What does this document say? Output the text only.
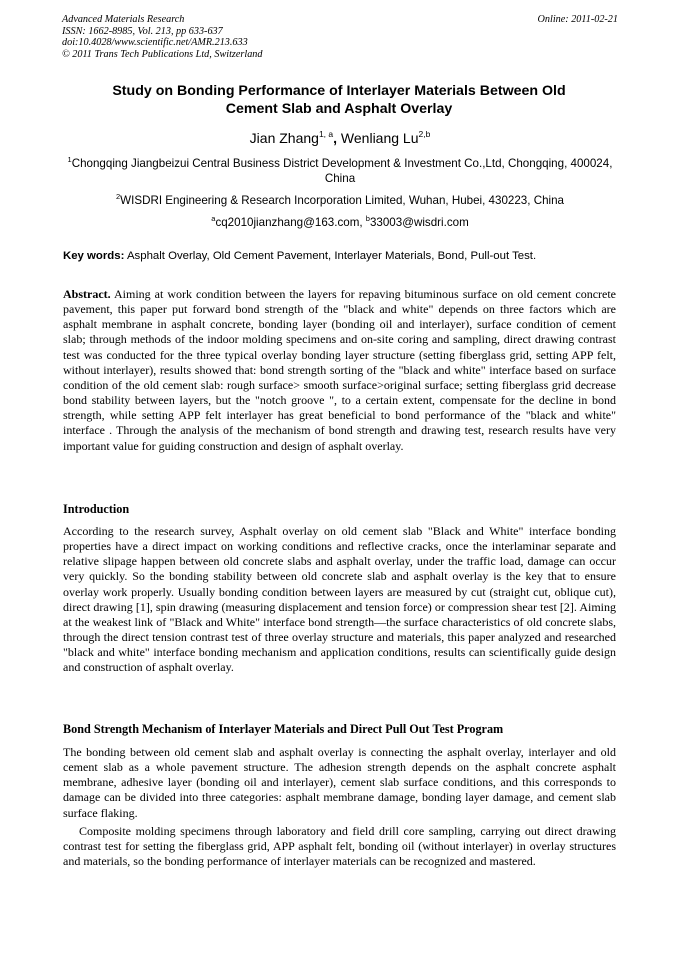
Advanced Materials Research
ISSN: 1662-8985, Vol. 213, pp 633-637
doi:10.4028/www.scientific.net/AMR.213.633
© 2011 Trans Tech Publications Ltd, Switzerland
Online: 2011-02-21
Study on Bonding Performance of Interlayer Materials Between Old
Cement Slab and Asphalt Overlay
Jian Zhang$^{1, a}$, Wenliang Lu$^{2,b}$
$^1$Chongqing Jiangbeizui Central Business District Development & Investment Co.,Ltd, Chongqing, 400024, China
$^2$WISDRI Engineering & Research Incorporation Limited, Wuhan, Hubei, 430223, China
$^a$cq2010jianzhang@163.com, $^b$33003@wisdri.com
Key words: Asphalt Overlay, Old Cement Pavement, Interlayer Materials, Bond, Pull-out Test.
Abstract. Aiming at work condition between the layers for repaving bituminous surface on old cement concrete pavement, this paper put forward bond strength of the "black and white" depends on three factors which are asphalt membrane in asphalt concrete, bonding layer (bonding oil and interlayer), surface condition of cement slab; through methods of the indoor molding specimens and on-site coring and sampling, direct drawing contrast test was conducted for the three typical overlay bonding layer structure (setting fiberglass grid, setting APP felt, without interlayer), results showed that: bond strength sorting of the "black and white" interface based on surface condition of the old cement slab: rough surface> smooth surface>original surface; setting fiberglass grid decrease bond stability between layers, but the "notch groove ", to a certain extent, compensate for the decline in bond strength, while setting APP felt interlayer has great beneficial to bond performance of the "black and white" interface . Through the analysis of the mechanism of bond strength and drawing test, research results have very important value for guiding construction and design of asphalt overlay.
Introduction
According to the research survey, Asphalt overlay on old cement slab "Black and White" interface bonding properties have a direct impact on working conditions and reflective cracks, once the interlaminar separate and relative slipage happen between old concrete slabs and asphalt overlay, under the traffic load, damage can occur very quickly. So the bonding stability between old concrete slab and asphalt overlay is the key that to ensure overlay work properly. Usually bonding condition between layers are measured by cut (straight cut, oblique cut), direct drawing [1], spin drawing (measuring displacement and tension force) or compression shear test [2]. Aiming at the weakest link of "Black and White" interface bond strength—the surface characteristics of old concrete slabs, through the direct tension contrast test of three overlay structure and materials, this paper analyzed and researched "black and white" interface bonding mechanism and application conditions, results can scientifically guide design and construction of asphalt overlay.
Bond Strength Mechanism of Interlayer Materials and Direct Pull Out Test Program
The bonding between old cement slab and asphalt overlay is connecting the asphalt overlay, interlayer and old cement slab as a whole pavement structure. The adhesion strength depends on the asphalt concrete asphalt membrane, adhesive layer (bonding oil and interlayer), cement slab surface conditions, and this corresponds to damage can be divided into three categories: asphalt membrane damage, bonding layer damage, and cement slab surface flaking.
Composite molding specimens through laboratory and field drill core sampling, carrying out direct drawing contrast test for setting the fiberglass grid, APP asphalt felt, bonding oil (without interlayer) in overlay structures and materials, so the bonding performance of interlayer materials can be recognized and mastered.
